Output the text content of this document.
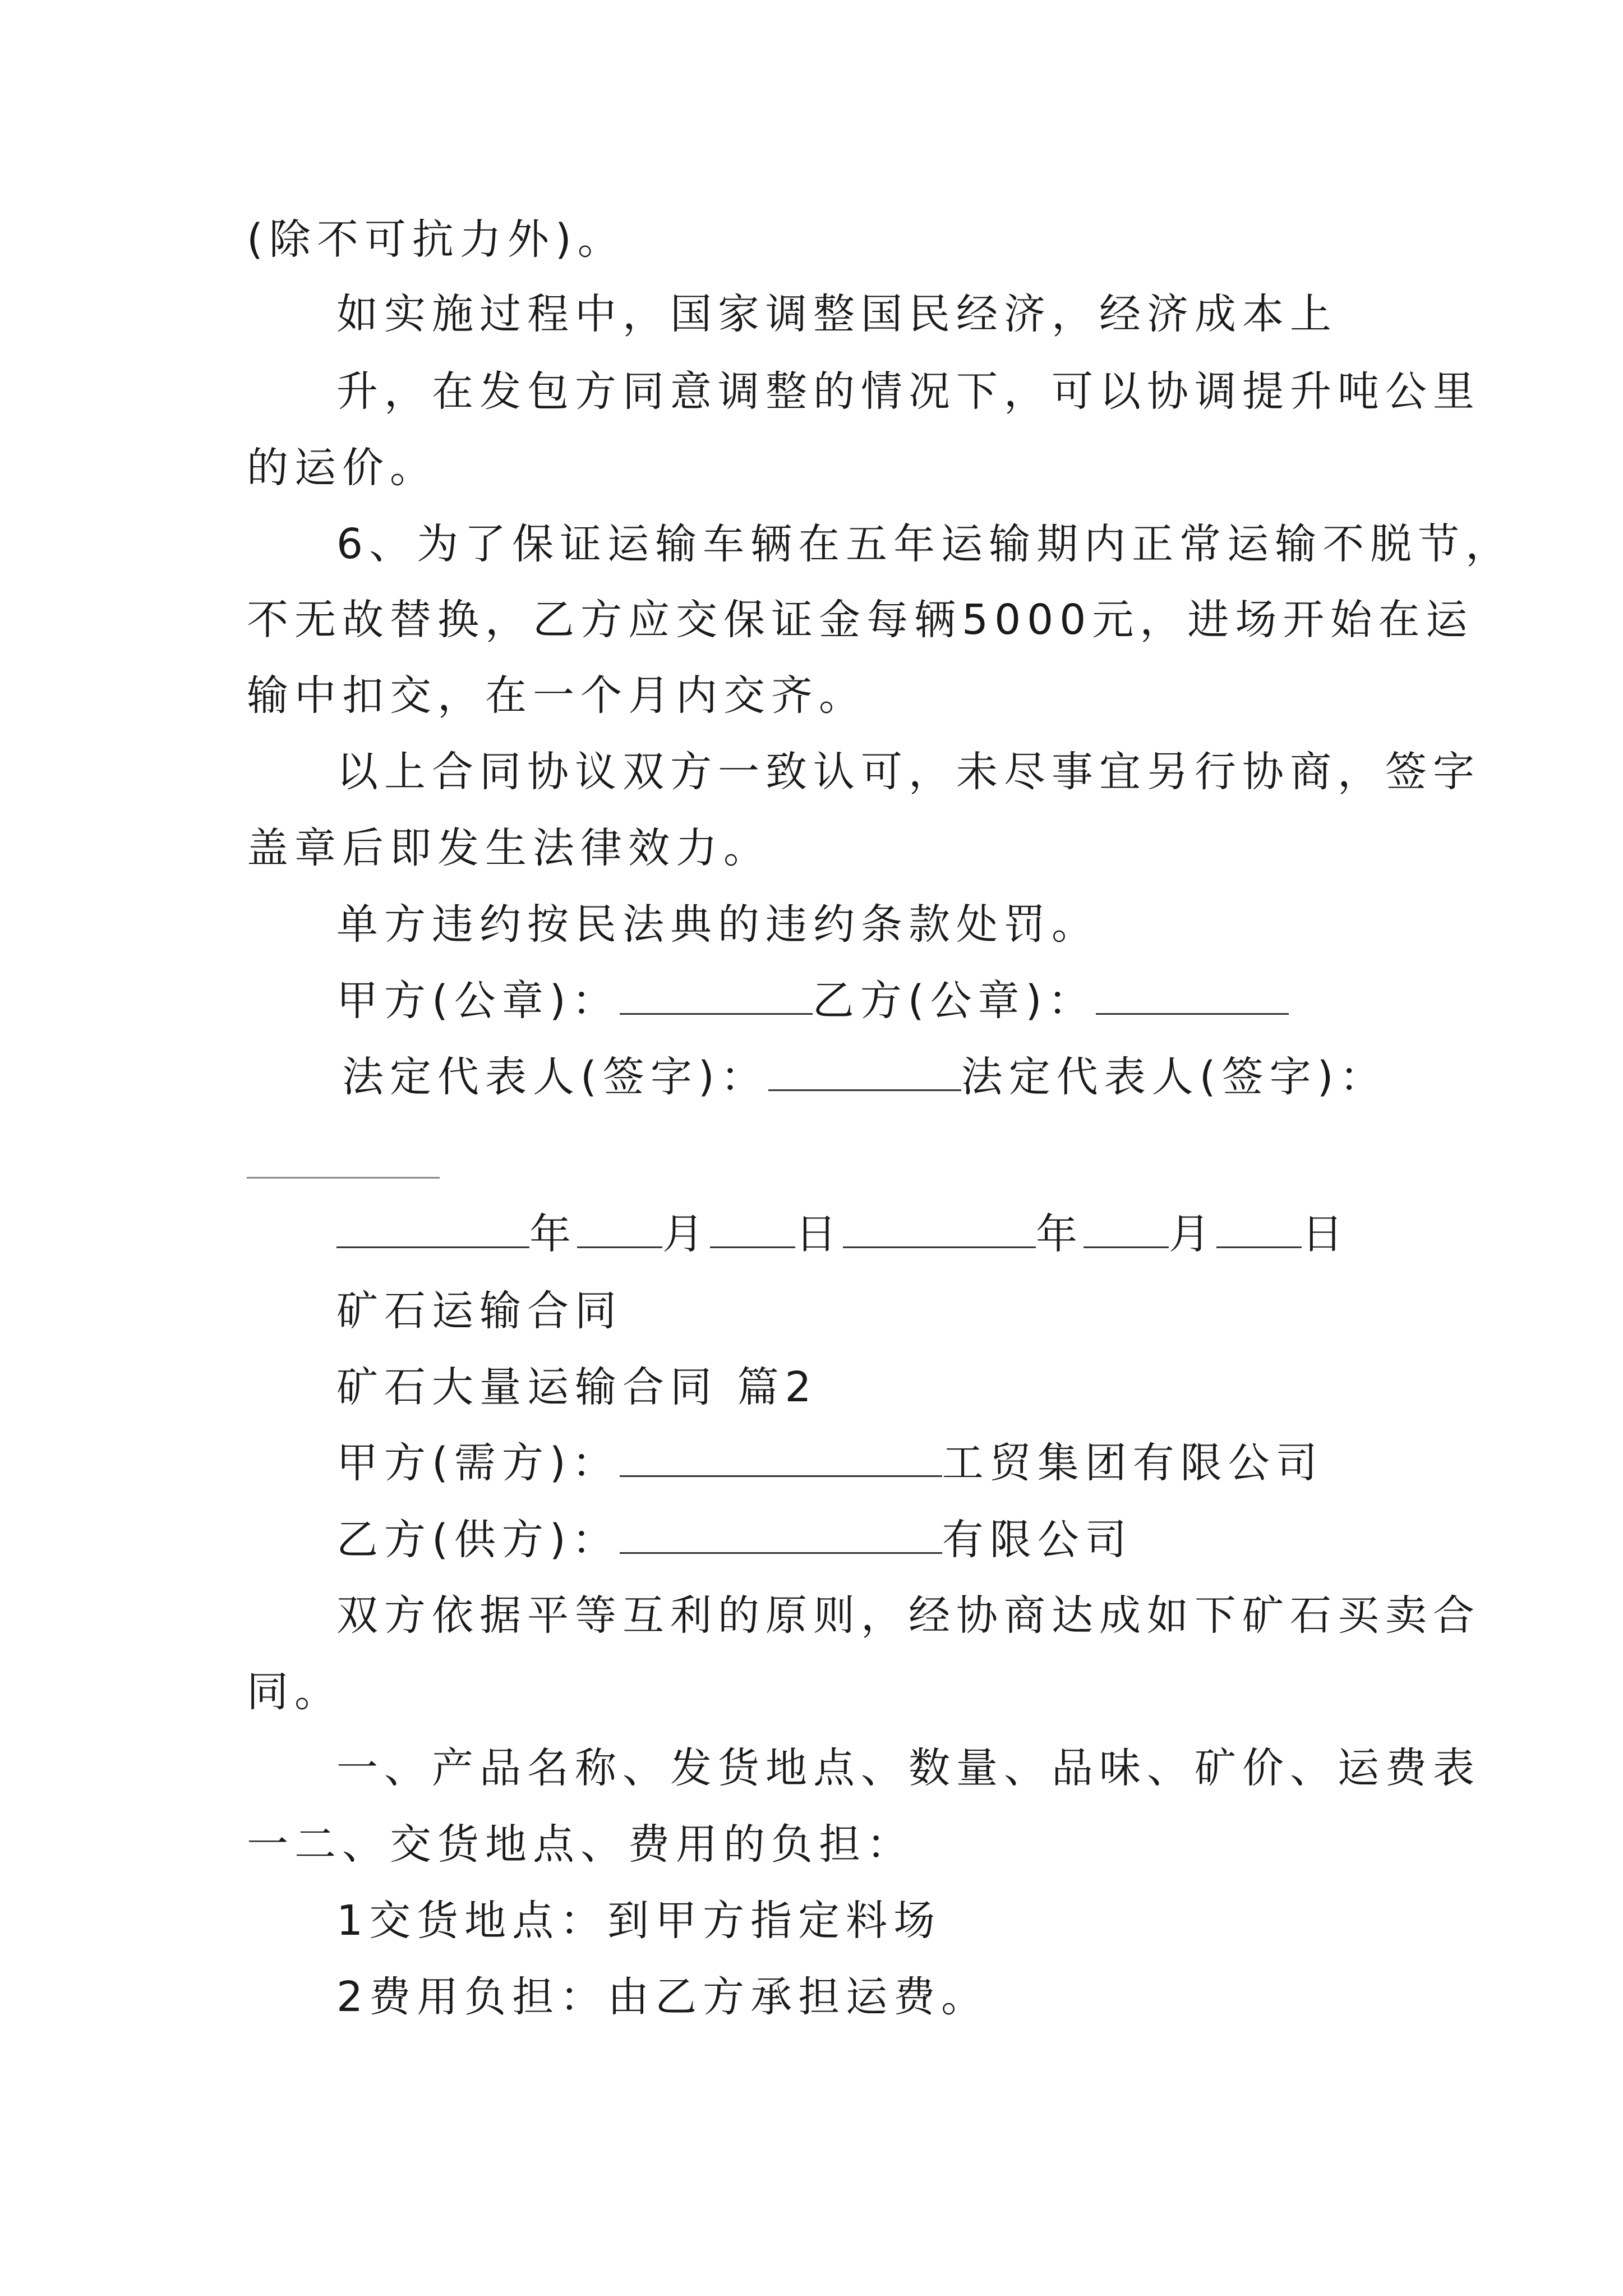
(除不可抗力外)。
如实施过程中，国家调整国民经济，经济成本上
升，在发包方同意调整的情况下，可以协调提升吨公里
的运价。
6、为了保证运输车辆在五年运输期内正常运输不脱节，
不无故替换，乙方应交保证金每辆5000元，进场开始在运
输中扣交，在一个月内交齐。
以上合同协议双方一致认可，未尽事宜另行协商，签字
盖章后即发生法律效力。
单方违约按民法典的违约条款处罚。
甲方(公章)：	乙方(公章)：
法定代表人(签字)：	法定代表人(签字)：
年 月 日	年 月 日
矿石运输合同
矿石大量运输合同 篇2
甲方(需方)：	工贸集团有限公司
乙方(供方)：	有限公司
双方依据平等互利的原则，经协商达成如下矿石买卖合
同。
一、产品名称、发货地点、数量、品味、矿价、运费表
一二、交货地点、费用的负担：
1交货地点：到甲方指定料场
2费用负担：由乙方承担运费。
